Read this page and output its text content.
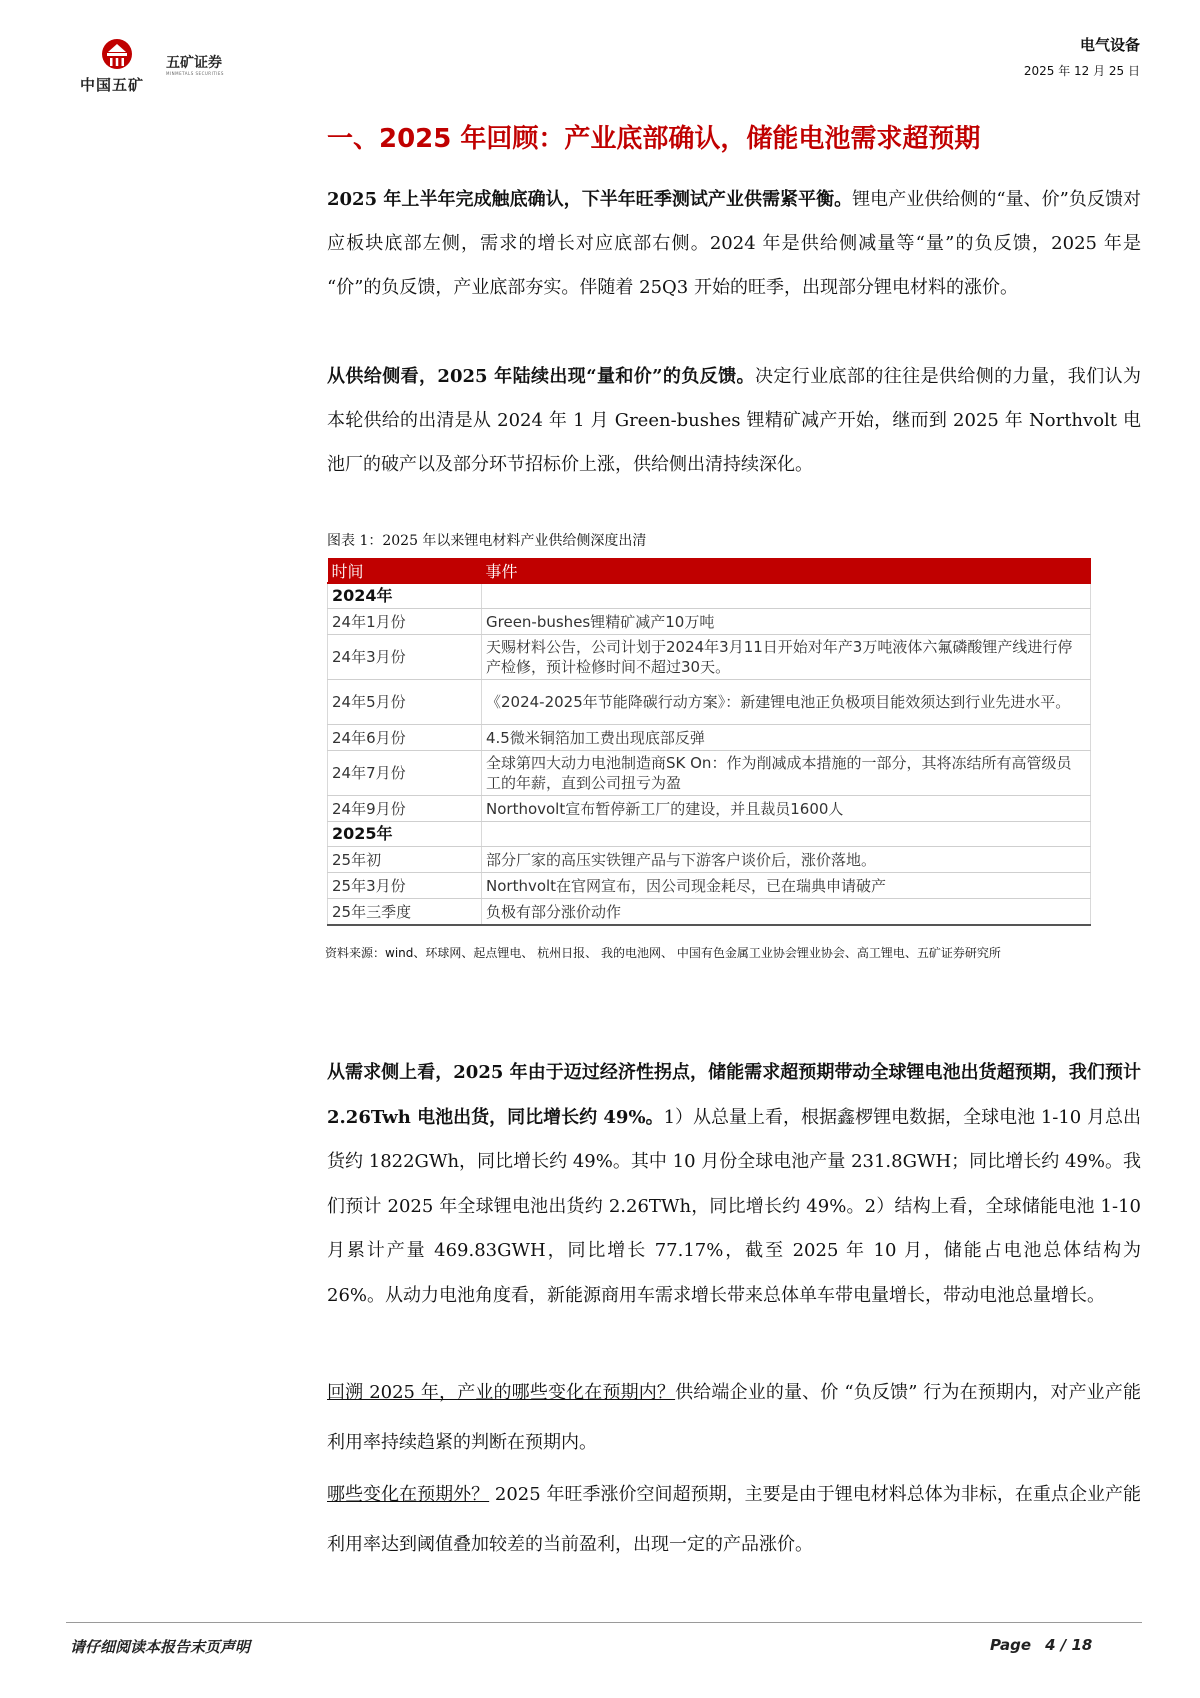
中国五矿
五矿证券
MINMETALS SECURITIES
电气设备
2025 年 12 月 25 日
一、2025 年回顾：产业底部确认，储能电池需求超预期

2025 年上半年完成触底确认，下半年旺季测试产业供需紧平衡。锂电产业供给侧的“量、价”负反馈对应板块底部左侧，需求的增长对应底部右侧。2024 年是供给侧减量等“量”的负反馈，2025 年是 “价”的负反馈，产业底部夯实。伴随着 25Q3 开始的旺季，出现部分锂电材料的涨价。

从供给侧看，2025 年陆续出现“量和价”的负反馈。决定行业底部的往往是供给侧的力量，我们认为本轮供给的出清是从 2024 年 1 月 Green-bushes 锂精矿减产开始，继而到 2025 年 Northvolt 电池厂的破产以及部分环节招标价上涨，供给侧出清持续深化。

图表 1：2025 年以来锂电材料产业供给侧深度出清

时间	事件
2024年	
24年1月份	Green-bushes锂精矿减产10万吨
24年3月份	天赐材料公告，公司计划于2024年3月11日开始对年产3万吨液体六氟磷酸锂产线进行停产检修，预计检修时间不超过30天。
24年5月份	《2024-2025年节能降碳行动方案》：新建锂电池正负极项目能效须达到行业先进水平。
24年6月份	4.5微米铜箔加工费出现底部反弹
24年7月份	全球第四大动力电池制造商SK On：作为削减成本措施的一部分，其将冻结所有高管级员工的年薪，直到公司扭亏为盈
24年9月份	Northovolt宣布暂停新工厂的建设，并且裁员1600人
2025年	
25年初	部分厂家的高压实铁锂产品与下游客户谈价后，涨价落地。
25年3月份	Northvolt在官网宣布，因公司现金耗尽，已在瑞典申请破产
25年三季度	负极有部分涨价动作

资料来源：wind、环球网、起点锂电、 杭州日报、 我的电池网、 中国有色金属工业协会锂业协会、高工锂电、五矿证券研究所

从需求侧上看，2025 年由于迈过经济性拐点，储能需求超预期带动全球锂电池出货超预期，我们预计 2.26Twh 电池出货，同比增长约 49%。1）从总量上看，根据鑫椤锂电数据，全球电池 1-10 月总出货约 1822GWh，同比增长约 49%。其中 10 月份全球电池产量 231.8GWH；同比增长约 49%。我们预计 2025 年全球锂电池出货约 2.26TWh，同比增长约 49%。2）结构上看，全球储能电池 1-10 月累计产量 469.83GWH，同比增长 77.17%，截至 2025 年 10 月，储能占电池总体结构为 26%。从动力电池角度看，新能源商用车需求增长带来总体单车带电量增长，带动电池总量增长。

回溯 2025 年，产业的哪些变化在预期内？供给端企业的量、价 “负反馈” 行为在预期内，对产业产能利用率持续趋紧的判断在预期内。

哪些变化在预期外？ 2025 年旺季涨价空间超预期，主要是由于锂电材料总体为非标，在重点企业产能利用率达到阈值叠加较差的当前盈利，出现一定的产品涨价。

请仔细阅读本报告末页声明	Page 4 / 18
